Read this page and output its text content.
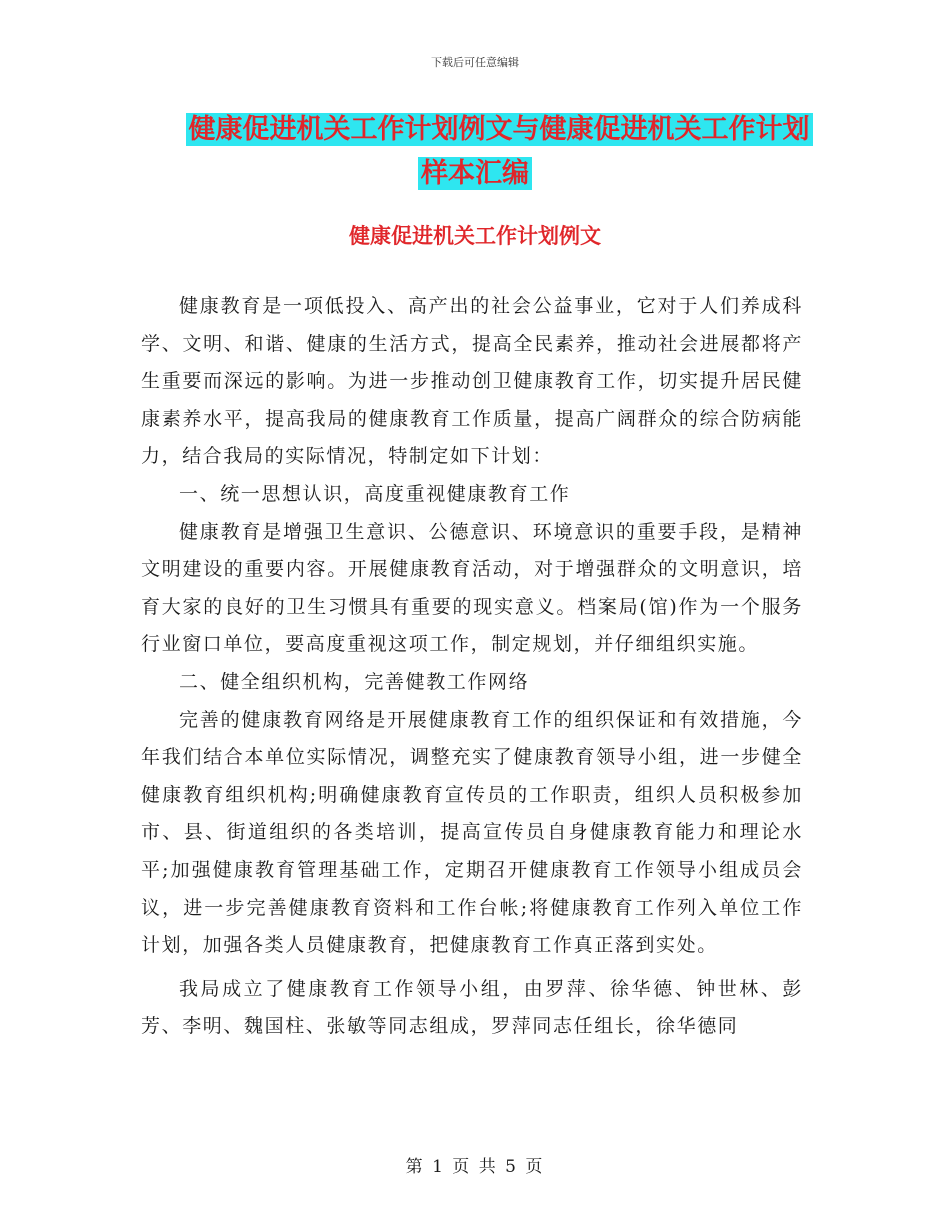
下载后可任意编辑
健康促进机关工作计划例文与健康促进机关工作计划
样本汇编
健康促进机关工作计划例文

健康教育是一项低投入、高产出的社会公益事业，它对于人们养成科学、文明、和谐、健康的生活方式，提高全民素养，推动社会进展都将产生重要而深远的影响。为进一步推动创卫健康教育工作，切实提升居民健康素养水平，提高我局的健康教育工作质量，提高广阔群众的综合防病能力，结合我局的实际情况，特制定如下计划：

一、统一思想认识，高度重视健康教育工作

健康教育是增强卫生意识、公德意识、环境意识的重要手段，是精神文明建设的重要内容。开展健康教育活动，对于增强群众的文明意识，培育大家的良好的卫生习惯具有重要的现实意义。档案局(馆)作为一个服务行业窗口单位，要高度重视这项工作，制定规划，并仔细组织实施。

二、健全组织机构，完善健教工作网络

完善的健康教育网络是开展健康教育工作的组织保证和有效措施，今年我们结合本单位实际情况，调整充实了健康教育领导小组，进一步健全健康教育组织机构;明确健康教育宣传员的工作职责，组织人员积极参加市、县、街道组织的各类培训，提高宣传员自身健康教育能力和理论水平;加强健康教育管理基础工作，定期召开健康教育工作领导小组成员会议，进一步完善健康教育资料和工作台帐;将健康教育工作列入单位工作计划，加强各类人员健康教育，把健康教育工作真正落到实处。

我局成立了健康教育工作领导小组，由罗萍、徐华德、钟世林、彭芳、李明、魏国柱、张敏等同志组成，罗萍同志任组长，徐华德同

第 1 页 共 5 页
